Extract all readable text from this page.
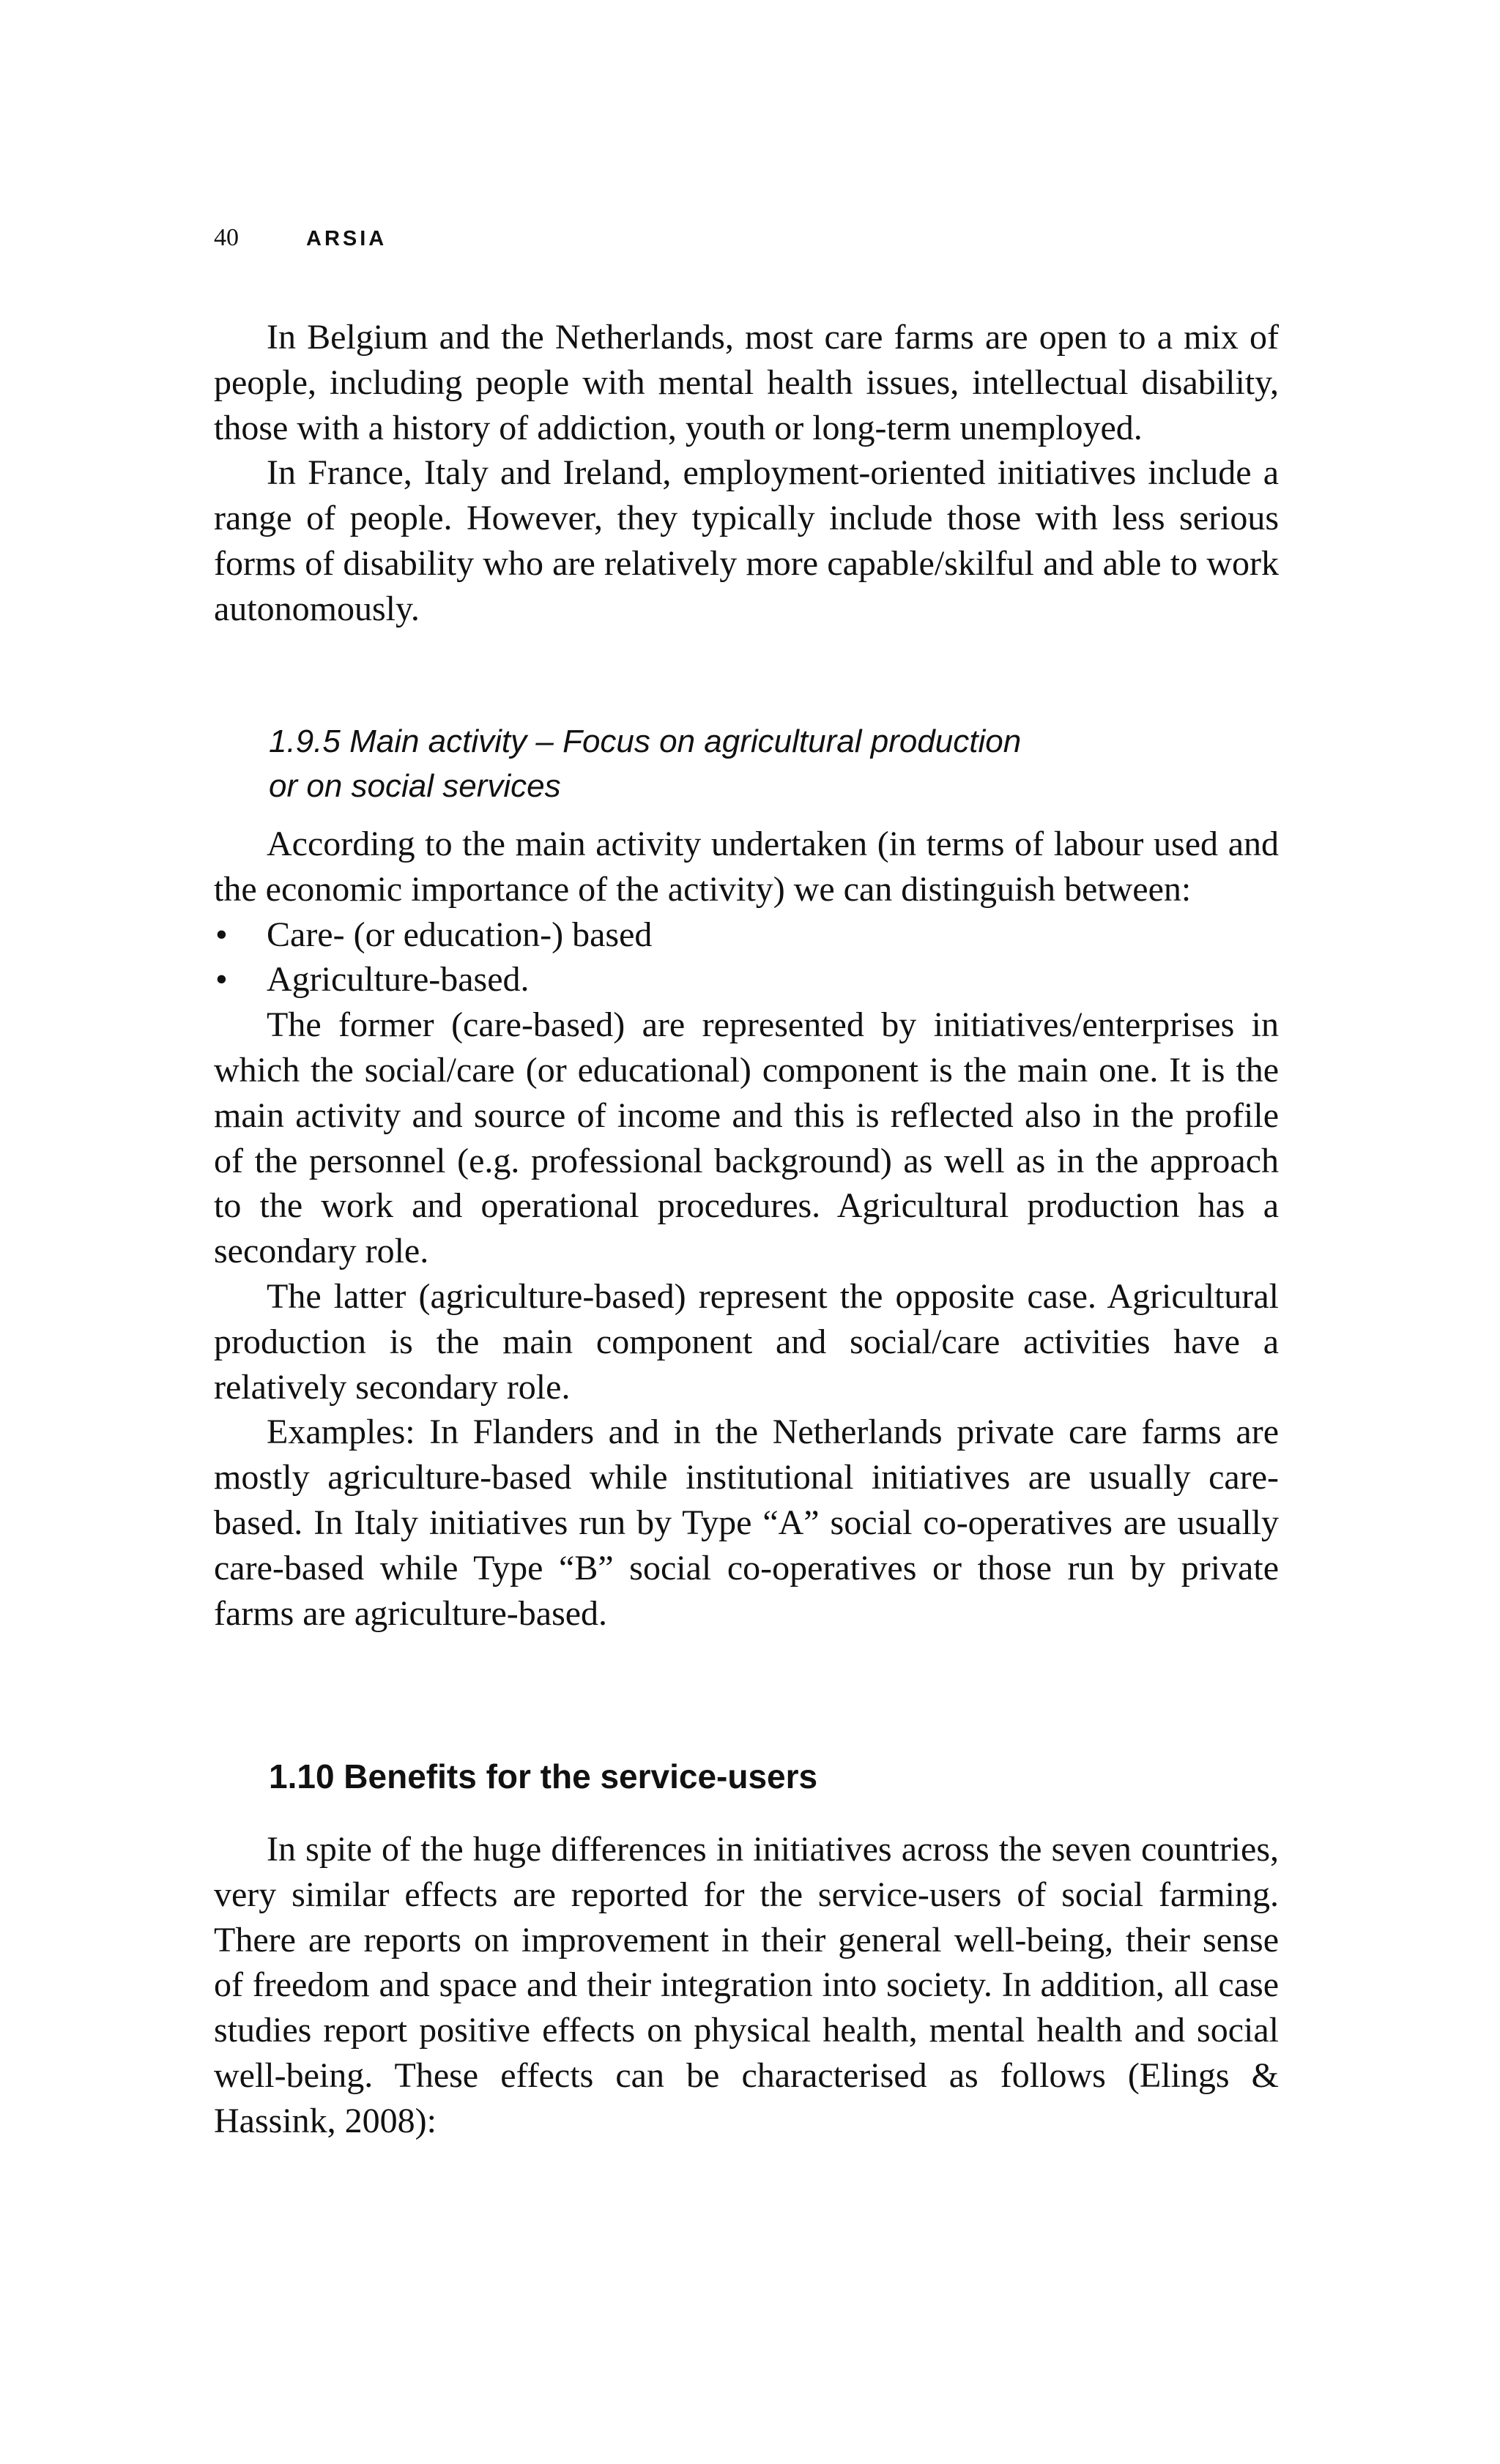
40	ARSIA

In Belgium and the Netherlands, most care farms are open to a mix of people, including people with mental health issues, intellectual disability, those with a history of addiction, youth or long-term unemployed.

In France, Italy and Ireland, employment-oriented initiatives include a range of people. However, they typically include those with less serious forms of disability who are relatively more capable/skilful and able to work autonomously.

1.9.5 Main activity – Focus on agricultural production
or on social services

According to the main activity undertaken (in terms of labour used and the economic importance of the activity) we can distinguish between:

• Care- (or education-) based
• Agriculture-based.

The former (care-based) are represented by initiatives/enterprises in which the social/care (or educational) component is the main one. It is the main activity and source of income and this is reflected also in the profile of the personnel (e.g. professional background) as well as in the approach to the work and operational procedures. Agricultural production has a secondary role.

The latter (agriculture-based) represent the opposite case. Agricultural production is the main component and social/care activities have a relatively secondary role.

Examples: In Flanders and in the Netherlands private care farms are mostly agriculture-based while institutional initiatives are usually care-based. In Italy initiatives run by Type “A” social co-operatives are usually care-based while Type “B” social co-operatives or those run by private farms are agriculture-based.

1.10 Benefits for the service-users

In spite of the huge differences in initiatives across the seven countries, very similar effects are reported for the service-users of social farming. There are reports on improvement in their general well-being, their sense of freedom and space and their integration into society. In addition, all case studies report positive effects on physical health, mental health and social well-being. These effects can be characterised as follows (Elings & Hassink, 2008):
